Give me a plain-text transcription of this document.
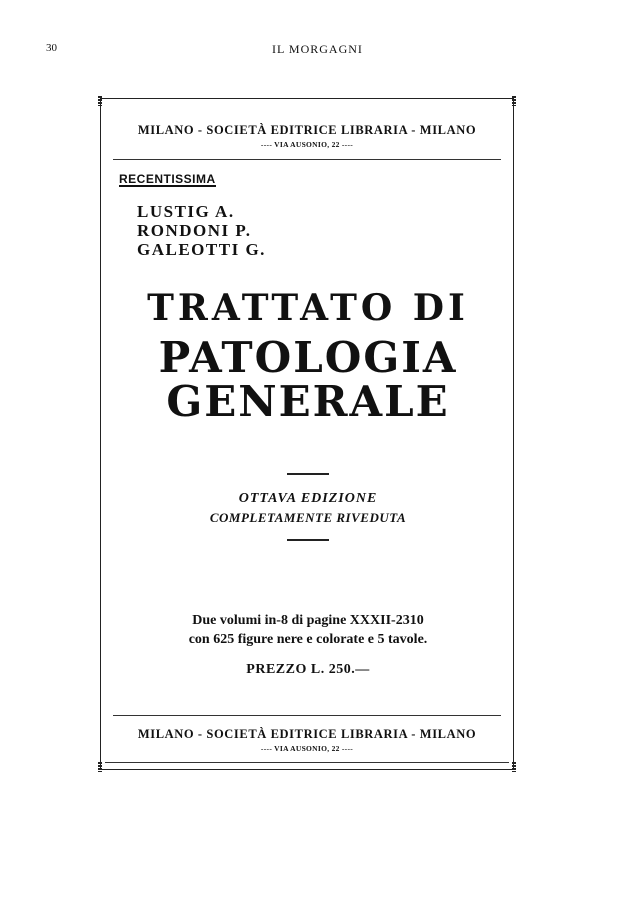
30	IL MORGAGNI
MILANO - SOCIETÀ EDITRICE LIBRARIA - MILANO
---- VIA AUSONIO, 22 ----
RECENTISSIMA
LUSTIG A.
RONDONI P.
GALEOTTI G.
TRATTATO DI
PATOLOGIA
GENERALE
OTTAVA EDIZIONE
COMPLETAMENTE RIVEDUTA
Due volumi in-8 di pagine XXXII-2310
con 625 figure nere e colorate e 5 tavole.
PREZZO L. 250.—
MILANO - SOCIETÀ EDITRICE LIBRARIA - MILANO
---- VIA AUSONIO, 22 ----
